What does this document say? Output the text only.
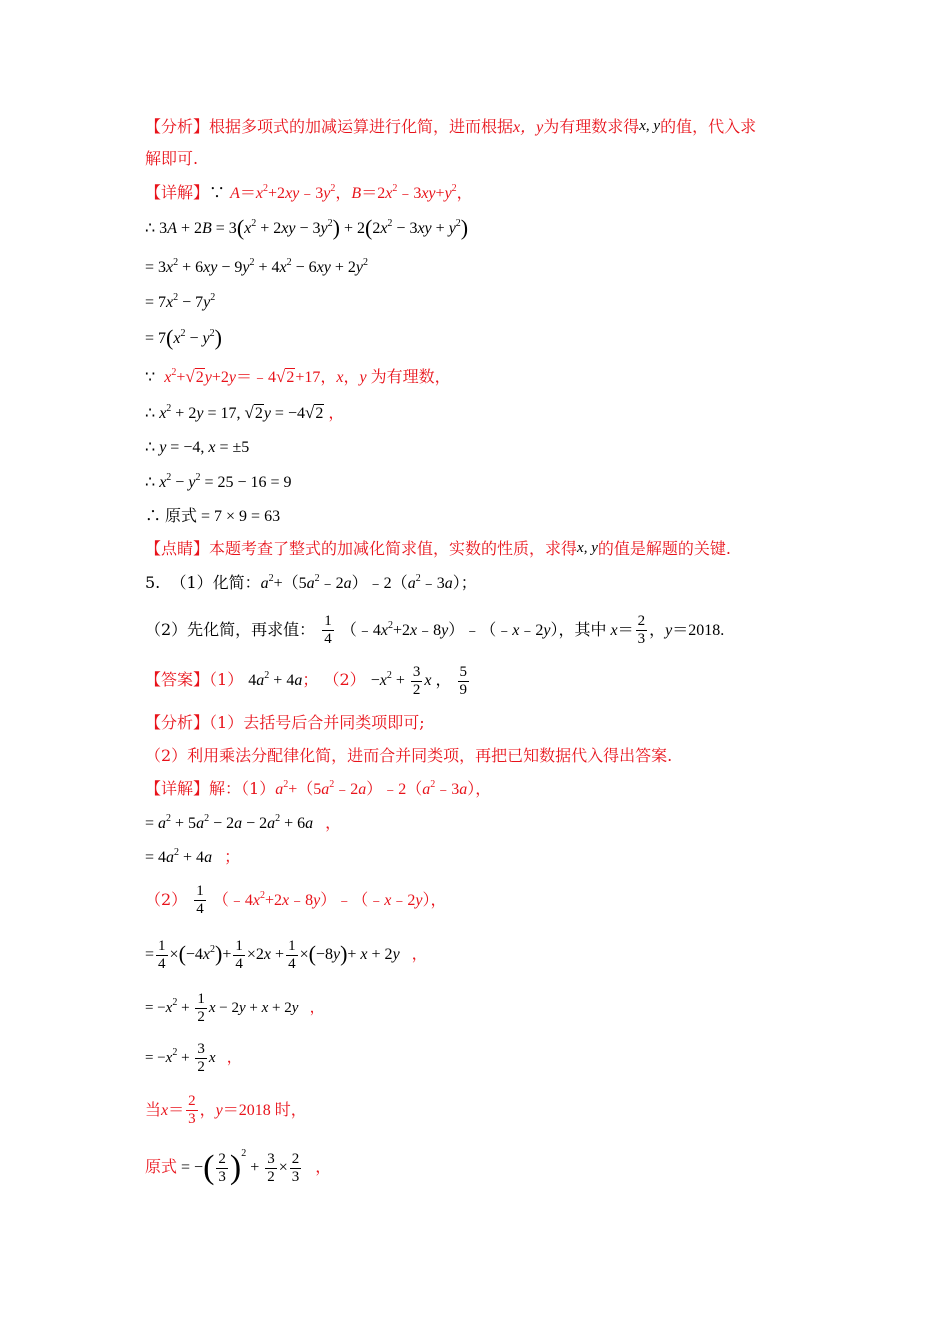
【分析】根据多项式的加减运算进行化简，进而根据x，y为有理数求得x, y的值，代入求
解即可.
【详解】∵ $A=x^2+2xy﹣3y^2$，$B=2x^2﹣3xy+y^2$，
∴ $3A + 2B = 3(x^2 + 2xy - 3y^2) + 2(2x^2 - 3xy + y^2)$
= $3x^2 + 6xy - 9y^2 + 4x^2 - 6xy + 2y^2$
= $7x^2 - 7y^2$
= $7(x^2 - y^2)$
∵ $x^2+√2y+2y=﹣4√2+17$，x，y 为有理数，
∴ $x^2 + 2y = 17$, √2y = −4√2 ，
∴ y = −4, x = ±5
∴ $x^2 - y^2 = 25 - 16 = 9$
∴ 原式 = 7 × 9 = 63
【点睛】本题考查了整式的加减化简求值，实数的性质，求得x, y的值是解题的关键.
5. （1）化简：$a^2+(5a^2﹣2a)﹣2(a^2﹣3a)$；
（2）先化简，再求值： $\frac{1}{4}$ $(﹣4x^2+2x﹣8y)﹣(﹣x﹣2y)$，其中 $x= \frac{2}{3}$ ，y＝2018.
【答案】（1） $4a^2 + 4a$； $(2) -x^2 + \frac{3}{2}$ x ， $\frac{5}{9}$
【分析】（1）去括号后合并同类项即可;
（2）利用乘法分配律化简，进而合并同类项，再把已知数据代入得出答案.
【详解】解：$(1)a^2+(5a^2﹣2a)﹣2(a^2﹣3a)$，
= $a^2 + 5a^2 - 2a - 2a^2 + 6a$ ，
= $4a^2 + 4a$ ；
$(2) \frac{1}{4}$ $(﹣4x^2+2x﹣8y)﹣(﹣x﹣2y)$，
= $\frac{1}{4} \times(-4x^2)+ \frac{1}{4} \times 2x + \frac{1}{4} \times(-8y)+ x + 2y$ ，
= $-x^2 + \frac{1}{2}$ x − 2y + x + 2y ，
= $-x^2 + \frac{3}{2}$ x ，
当$x= \frac{2}{3}$ ，y＝2018 时，
原式 = −( $\frac{2}{3} )^2 + \frac{3}{2} \times \frac{2}{3}$ ，
